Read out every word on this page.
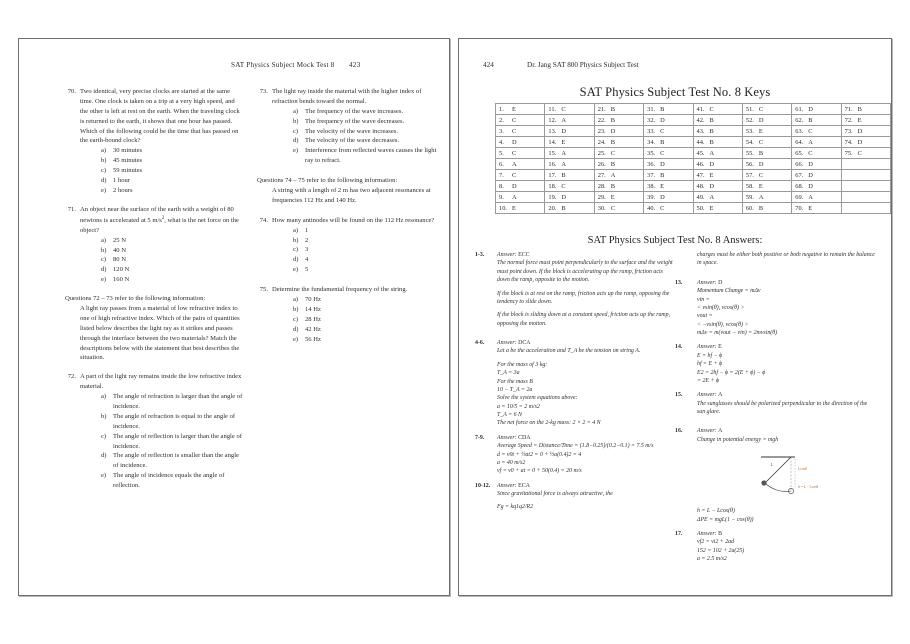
SAT Physics Subject Mock Test 8 423
70. Two identical, very precise clocks are started at the same time. One clock is taken on a trip at a very high speed, and the other is left at rest on the earth. When the traveling clock is returned to the earth, it shows that one hour has passed. Which of the following could be the time that has passed on the earth-bound clock?
a)	30 minutes
b) 45 minutes
c)	59 minutes
d) 1 hour
e)	2 hours
71. An object near the surface of the earth with a weight of 80 newtons is accelerated at 5 $m/s^2$, what is the net force on the object?
a)	25 N
b) 40 N
c)	80 N
d) 120 N
e)	160 N
Questions 72 – 73 refer to the following information:
A light ray passes from a material of low refractive index to one of high refractive index. Which of the pairs of quantities listed below describes the light ray as it strikes and passes through the interface between the two materials? Match the descriptions below with the statement that best describes the situation.
72. A part of the light ray remains inside the low refractive index material.
a)	The angle of refraction is larger than the angle of incidence.
b) The angle of refraction is equal to the angle of incidence.
c)	The angle of reflection is larger than the angle of incidence.
d) The angle of reflection is smaller than the angle of incidence.
e)	The angle of incidence equals the angle of reflection.
73. The light ray inside the material with the higher index of refraction bends toward the normal.
a)	The frequency of the wave increases.
b) The frequency of the wave decreases.
c)	The velocity of the wave increases.
d) The velocity of the wave decreases.
e)	Interference from reflected waves causes the light ray to refract.
Questions 74 – 75 refer to the following information:
A string with a length of 2 m has two adjacent resonances at frequencies 112 Hz and 140 Hz.
74. How many antinodes will be found on the 112 Hz resonance?
a)	1
b) 2
c)	3
d) 4
e)	5
75. Determine the fundamental frequency of the string.
a)	70 Hz
b) 14 Hz
c)	28 Hz
d) 42 Hz
e)	56 Hz
424	Dr. Jang SAT 800 Physics Subject Test
SAT Physics Subject Test No. 8 Keys
1. E	11. C	21. B	31. B	41. C	51. C	61. D	71. B
2. C	12. A	22. B	32. D	42. B	52. D	62. B	72. E
3. C	13. D	23. D	33. C	43. B	53. E	63. C	73. D
4. D	14. E	24. B	34. B	44. B	54. C	64. A	74. D
5. C	15. A	25. C	35. C	45. A	55. B	65. C	75. C
6. A	16. A	26. B	36. D	46. D	56. D	66. D	
7. C	17. B	27. A	37. B	47. E	57. C	67. D	
8. D	18. C	28. B	38. E	48. D	58. E	68. D	
9. A	19. D	29. E	39. D	49. A	59. A	69. A	
10. E	20. B	30. C	40. C	50. E	60. B	70. E	
SAT Physics Subject Test No. 8 Answers:
1-3.	Answer: ECC
The normal force must point perpendicularly to the surface and the weight must point down. If the block is accelerating up the ramp, friction acts down the ramp, opposite to the motion.
If the block is at rest on the ramp, friction acts up the ramp, opposing the tendency to slide down.
If the block is sliding down at a constant speed, friction acts up the ramp, opposing the motion.
4-6.	Answer: DCA
Let a be the acceleration and T_A be the tension on string A.
For the mass of 3 kg:
T_A = 3a
For the mass B
10 − T_A = 2a
Solve the system equations above:
a = 10/5 = 2 m/s2
T_A = 6 N
The net force on the 2-kg mass: 2 × 2 = 4 N
7-9.	Answer: CDA
Average Speed = Distance/Time = (1.8−0.25)/(0.2−0.1) = 7.5 m/s
d = v0t + ½at2 = 0 + ½a(0.4)2 = 4
a = 40 m/s2
vf = v0 + at = 0 + 50(0.4) = 20 m/s
10-12.	Answer: ECA
Since gravitational force is always attractive, the
Fg = kq1q2/R2
charges must be either both positive or both negative to remain the balance in space.
13.	Answer: D
Momentum Change = mΔv
vin =
< vsin(θ), vcos(θ) >
vout =
< −vsin(θ), vcos(θ) >
mΔv = m(vout − vin) = 2mvsin(θ)
14.	Answer: E
E = hf − ϕ
hf = E + ϕ
E2 = 2hf − ϕ = 2(E + ϕ) − ϕ
= 2E + ϕ
15.	Answer: A
The sunglasses should be polarized perpendicular to the direction of the sun glare.
16.	Answer: A
Change in potential energy = mgh
L
Lcosθ
h = L − Lcosθ
h = L − Lcos(θ)
ΔPE = mgL(1 − cos(θ))
17.	Answer: B
vf2 = vi2 + 2ad
152 = 102 + 2a(25)
a = 2.5 m/s2
